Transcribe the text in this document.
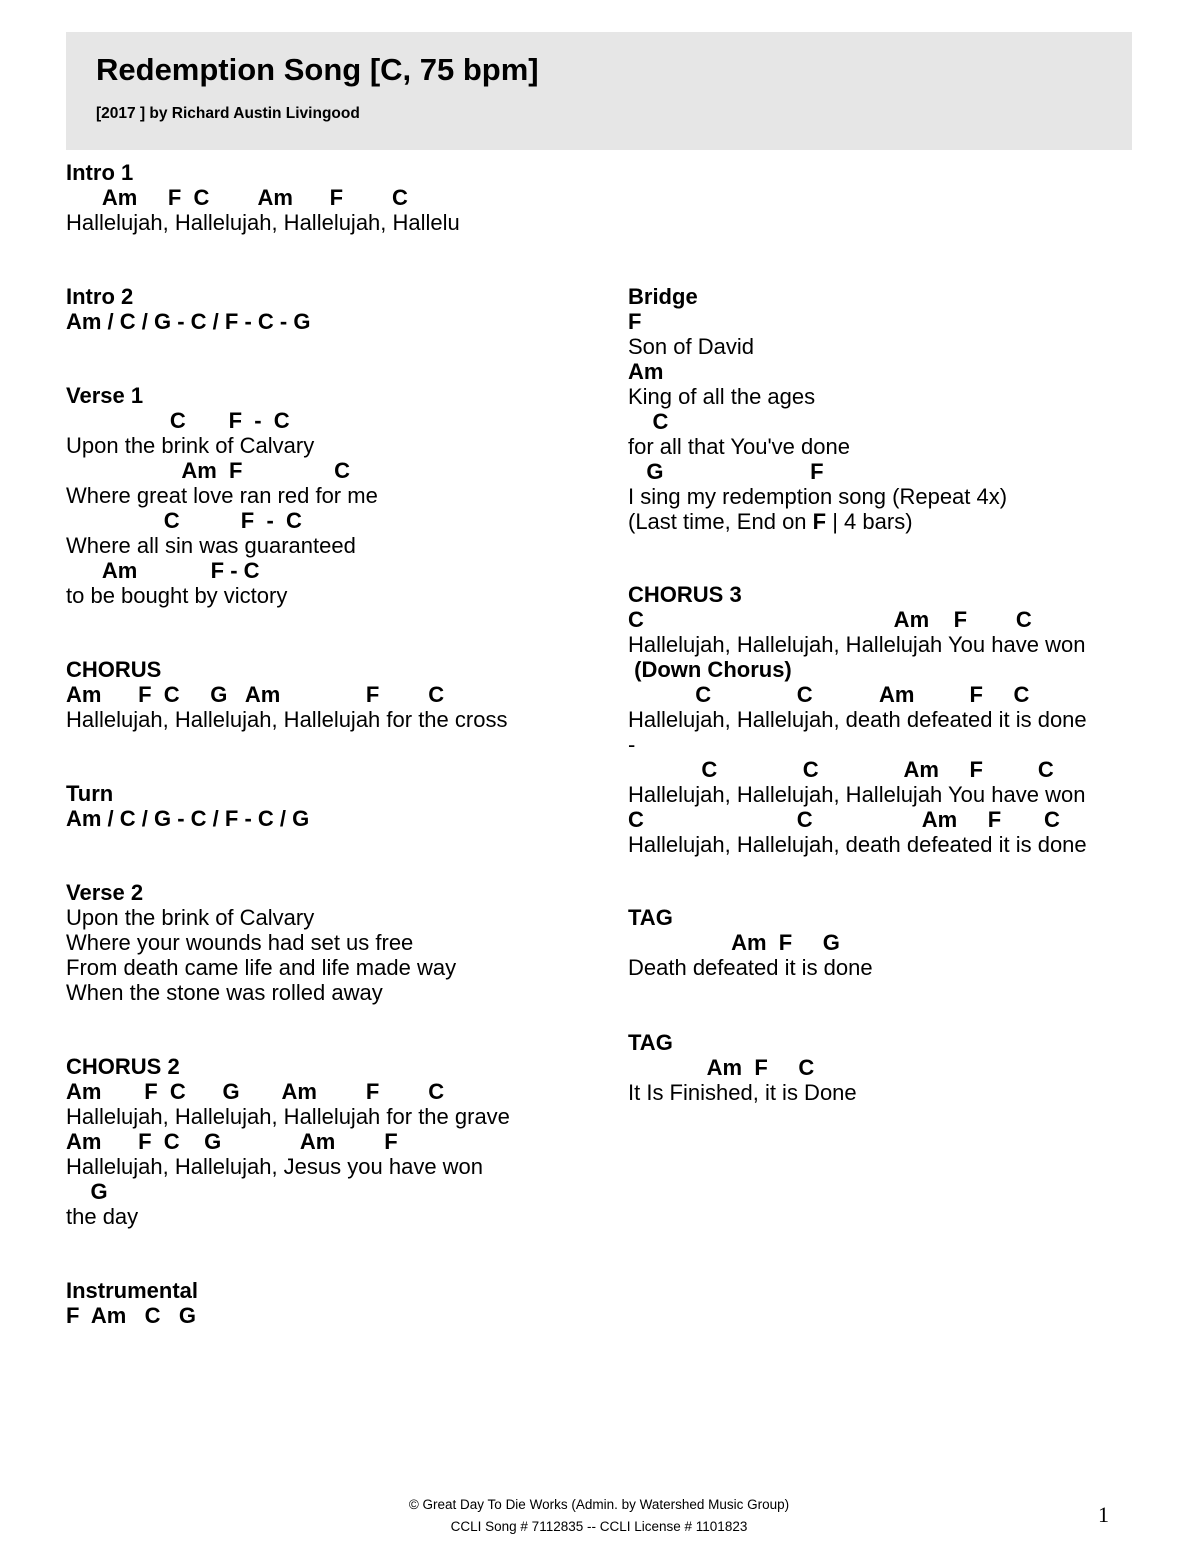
Redemption Song [C, 75 bpm]
[2017 ] by Richard Austin Livingood
Intro 1
Am     F  C        Am      F        C
Hallelujah, Hallelujah, Hallelujah, Hallelu
Intro 2
Am / C / G - C / F - C - G
Verse 1
C       F  -  C
Upon the brink of Calvary
Am  F               C
Where great love ran red for me
C          F  -  C
Where all sin was guaranteed
Am            F - C
to be bought by victory
CHORUS
Am      F  C     G   Am              F        C
Hallelujah, Hallelujah, Hallelujah for the cross
Turn
Am / C / G - C / F - C / G
Verse 2
Upon the brink of Calvary
Where your wounds had set us free
From death came life and life made way
When the stone was rolled away
CHORUS 2
Am       F  C      G       Am        F        C
Hallelujah, Hallelujah, Hallelujah for the grave
Am      F  C    G             Am        F
Hallelujah, Hallelujah, Jesus you have won
G
the day
Instrumental
F  Am   C   G
Bridge
F
Son of David
Am
King of all the ages
C
for all that You've done
G                        F
I sing my redemption song (Repeat 4x)
(Last time, End on F | 4 bars)
CHORUS 3
C                                         Am    F        C
Hallelujah, Hallelujah, Hallelujah You have won
(Down Chorus)
C              C           Am         F     C
Hallelujah, Hallelujah, death defeated it is done
-
C              C              Am     F         C
Hallelujah, Hallelujah, Hallelujah You have won
C                         C                  Am     F       C
Hallelujah, Hallelujah, death defeated it is done
TAG
Am  F     G
Death defeated it is done
TAG
Am  F     C
It Is Finished, it is Done
© Great Day To Die Works (Admin. by Watershed Music Group)
CCLI Song # 7112835 -- CCLI License # 1101823	1
